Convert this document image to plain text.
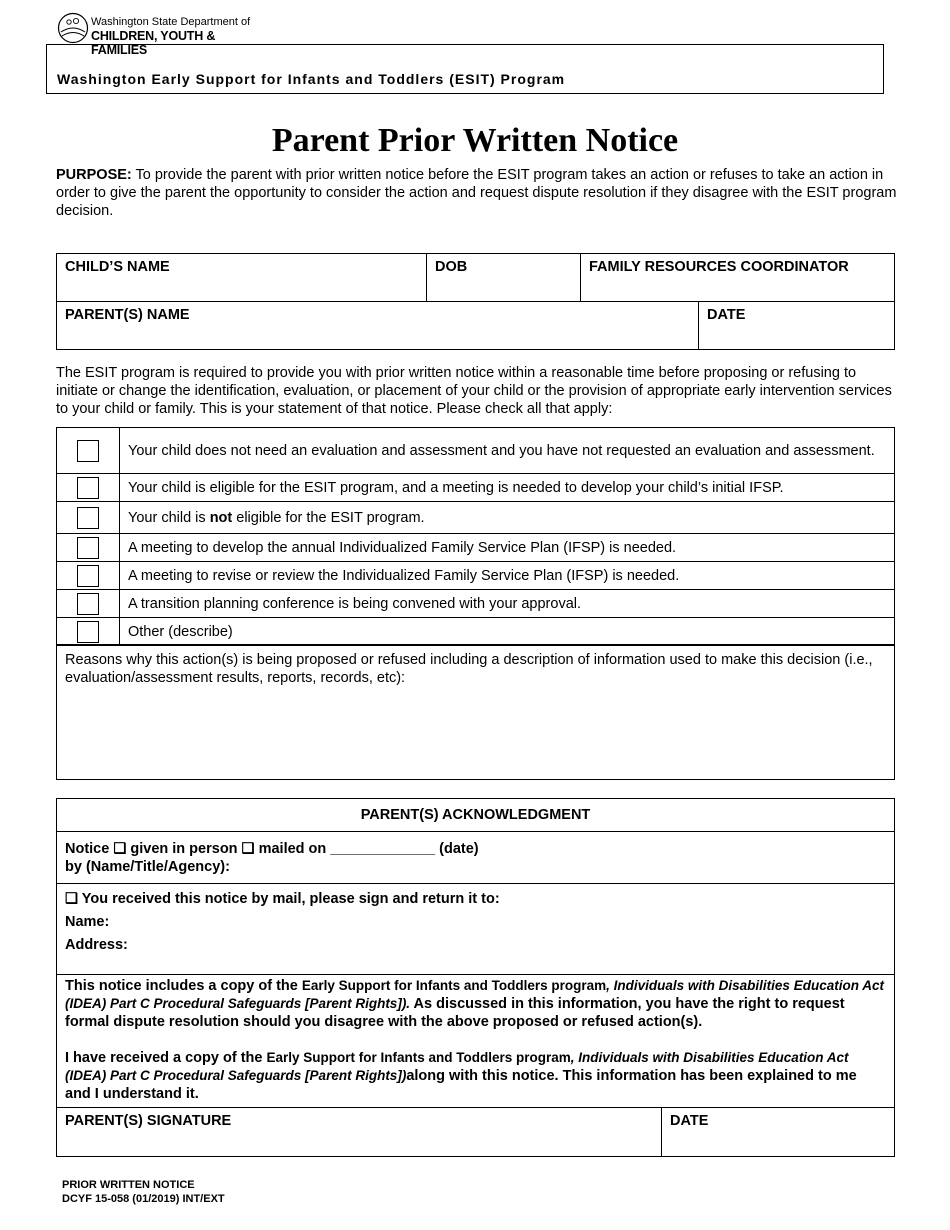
Washington State Department of
CHILDREN, YOUTH & FAMILIES
Washington Early Support for Infants and Toddlers (ESIT) Program
Parent Prior Written Notice
PURPOSE: To provide the parent with prior written notice before the ESIT program takes an action or refuses to take an action in order to give the parent the opportunity to consider the action and request dispute resolution if they disagree with the ESIT program decision.
CHILD’S NAME	DOB	FAMILY RESOURCES COORDINATOR	
PARENT(S) NAME			DATE
The ESIT program is required to provide you with prior written notice within a reasonable time before proposing or refusing to initiate or change the identification, evaluation, or placement of your child or the provision of appropriate early intervention services to your child or family. This is your statement of that notice. Please check all that apply:
	Your child does not need an evaluation and assessment and you have not requested an evaluation and assessment.
	Your child is eligible for the ESIT program, and a meeting is needed to develop your child’s initial IFSP.
	Your child is not eligible for the ESIT program.
	A meeting to develop the annual Individualized Family Service Plan (IFSP) is needed.
	A meeting to revise or review the Individualized Family Service Plan (IFSP) is needed.
	A transition planning conference is being convened with your approval.
	Other (describe)
Reasons why this action(s) is being proposed or refused including a description of information used to make this decision (i.e., evaluation/assessment results, reports, records, etc):
PARENT(S) ACKNOWLEDGMENT

Notice ❑ given in person ❑ mailed on _____________ (date)
by (Name/Title/Agency):

❑ You received this notice by mail, please sign and return it to:
Name:
Address:

This notice includes a copy of the Early Support for Infants and Toddlers program, Individuals with Disabilities Education Act (IDEA) Part C Procedural Safeguards [Parent Rights]). As discussed in this information, you have the right to request formal dispute resolution should you disagree with the above proposed or refused action(s).
I have received a copy of the Early Support for Infants and Toddlers program, Individuals with Disabilities Education Act (IDEA) Part C Procedural Safeguards [Parent Rights])along with this notice. This information has been explained to me and I understand it.

PARENT(S) SIGNATURE	DATE
PRIOR WRITTEN NOTICE
DCYF 15-058 (01/2019) INT/EXT
